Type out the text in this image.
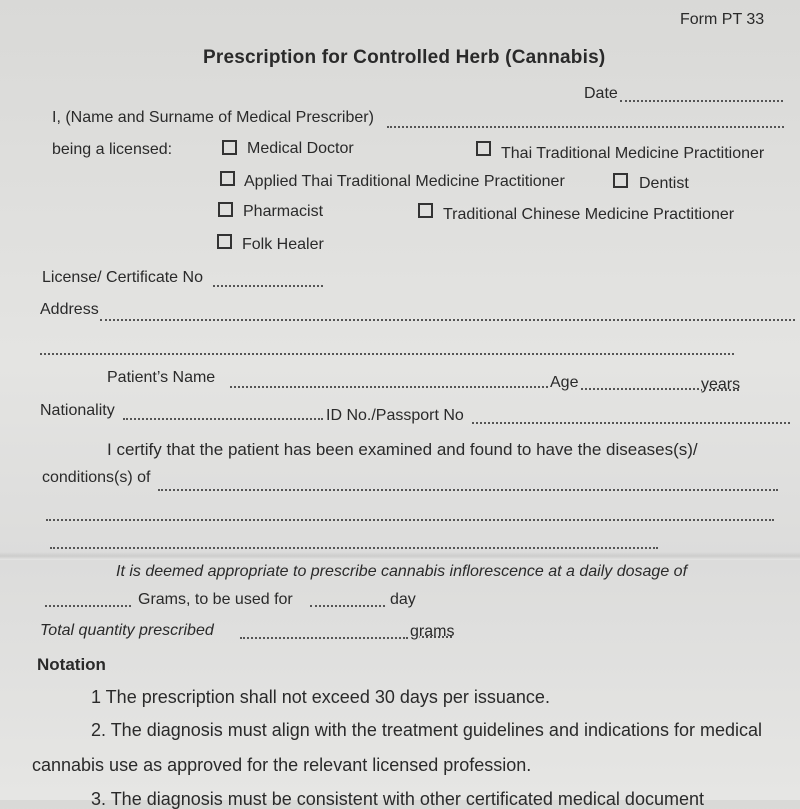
Form PT 33
Prescription for Controlled Herb (Cannabis)
Date
I, (Name and Surname of Medical Prescriber)
being a licensed:	Medical Doctor	Thai Traditional Medicine Practitioner
Applied Thai Traditional Medicine Practitioner	Dentist
Pharmacist	Traditional Chinese Medicine Practitioner
Folk Healer
License/ Certificate No
Address
Patient’s Name	Age	years
Nationality	ID No./Passport No
I certify that the patient has been examined and found to have the diseases(s)/
conditions(s) of
It is deemed appropriate to prescribe cannabis inflorescence at a daily dosage of
Grams, to be used for	day
Total quantity prescribed	grams
Notation
1 The prescription shall not exceed 30 days per issuance.
2. The diagnosis must align with the treatment guidelines and indications for medical
cannabis use as approved for the relevant licensed profession.
3. The diagnosis must be consistent with other certificated medical document
